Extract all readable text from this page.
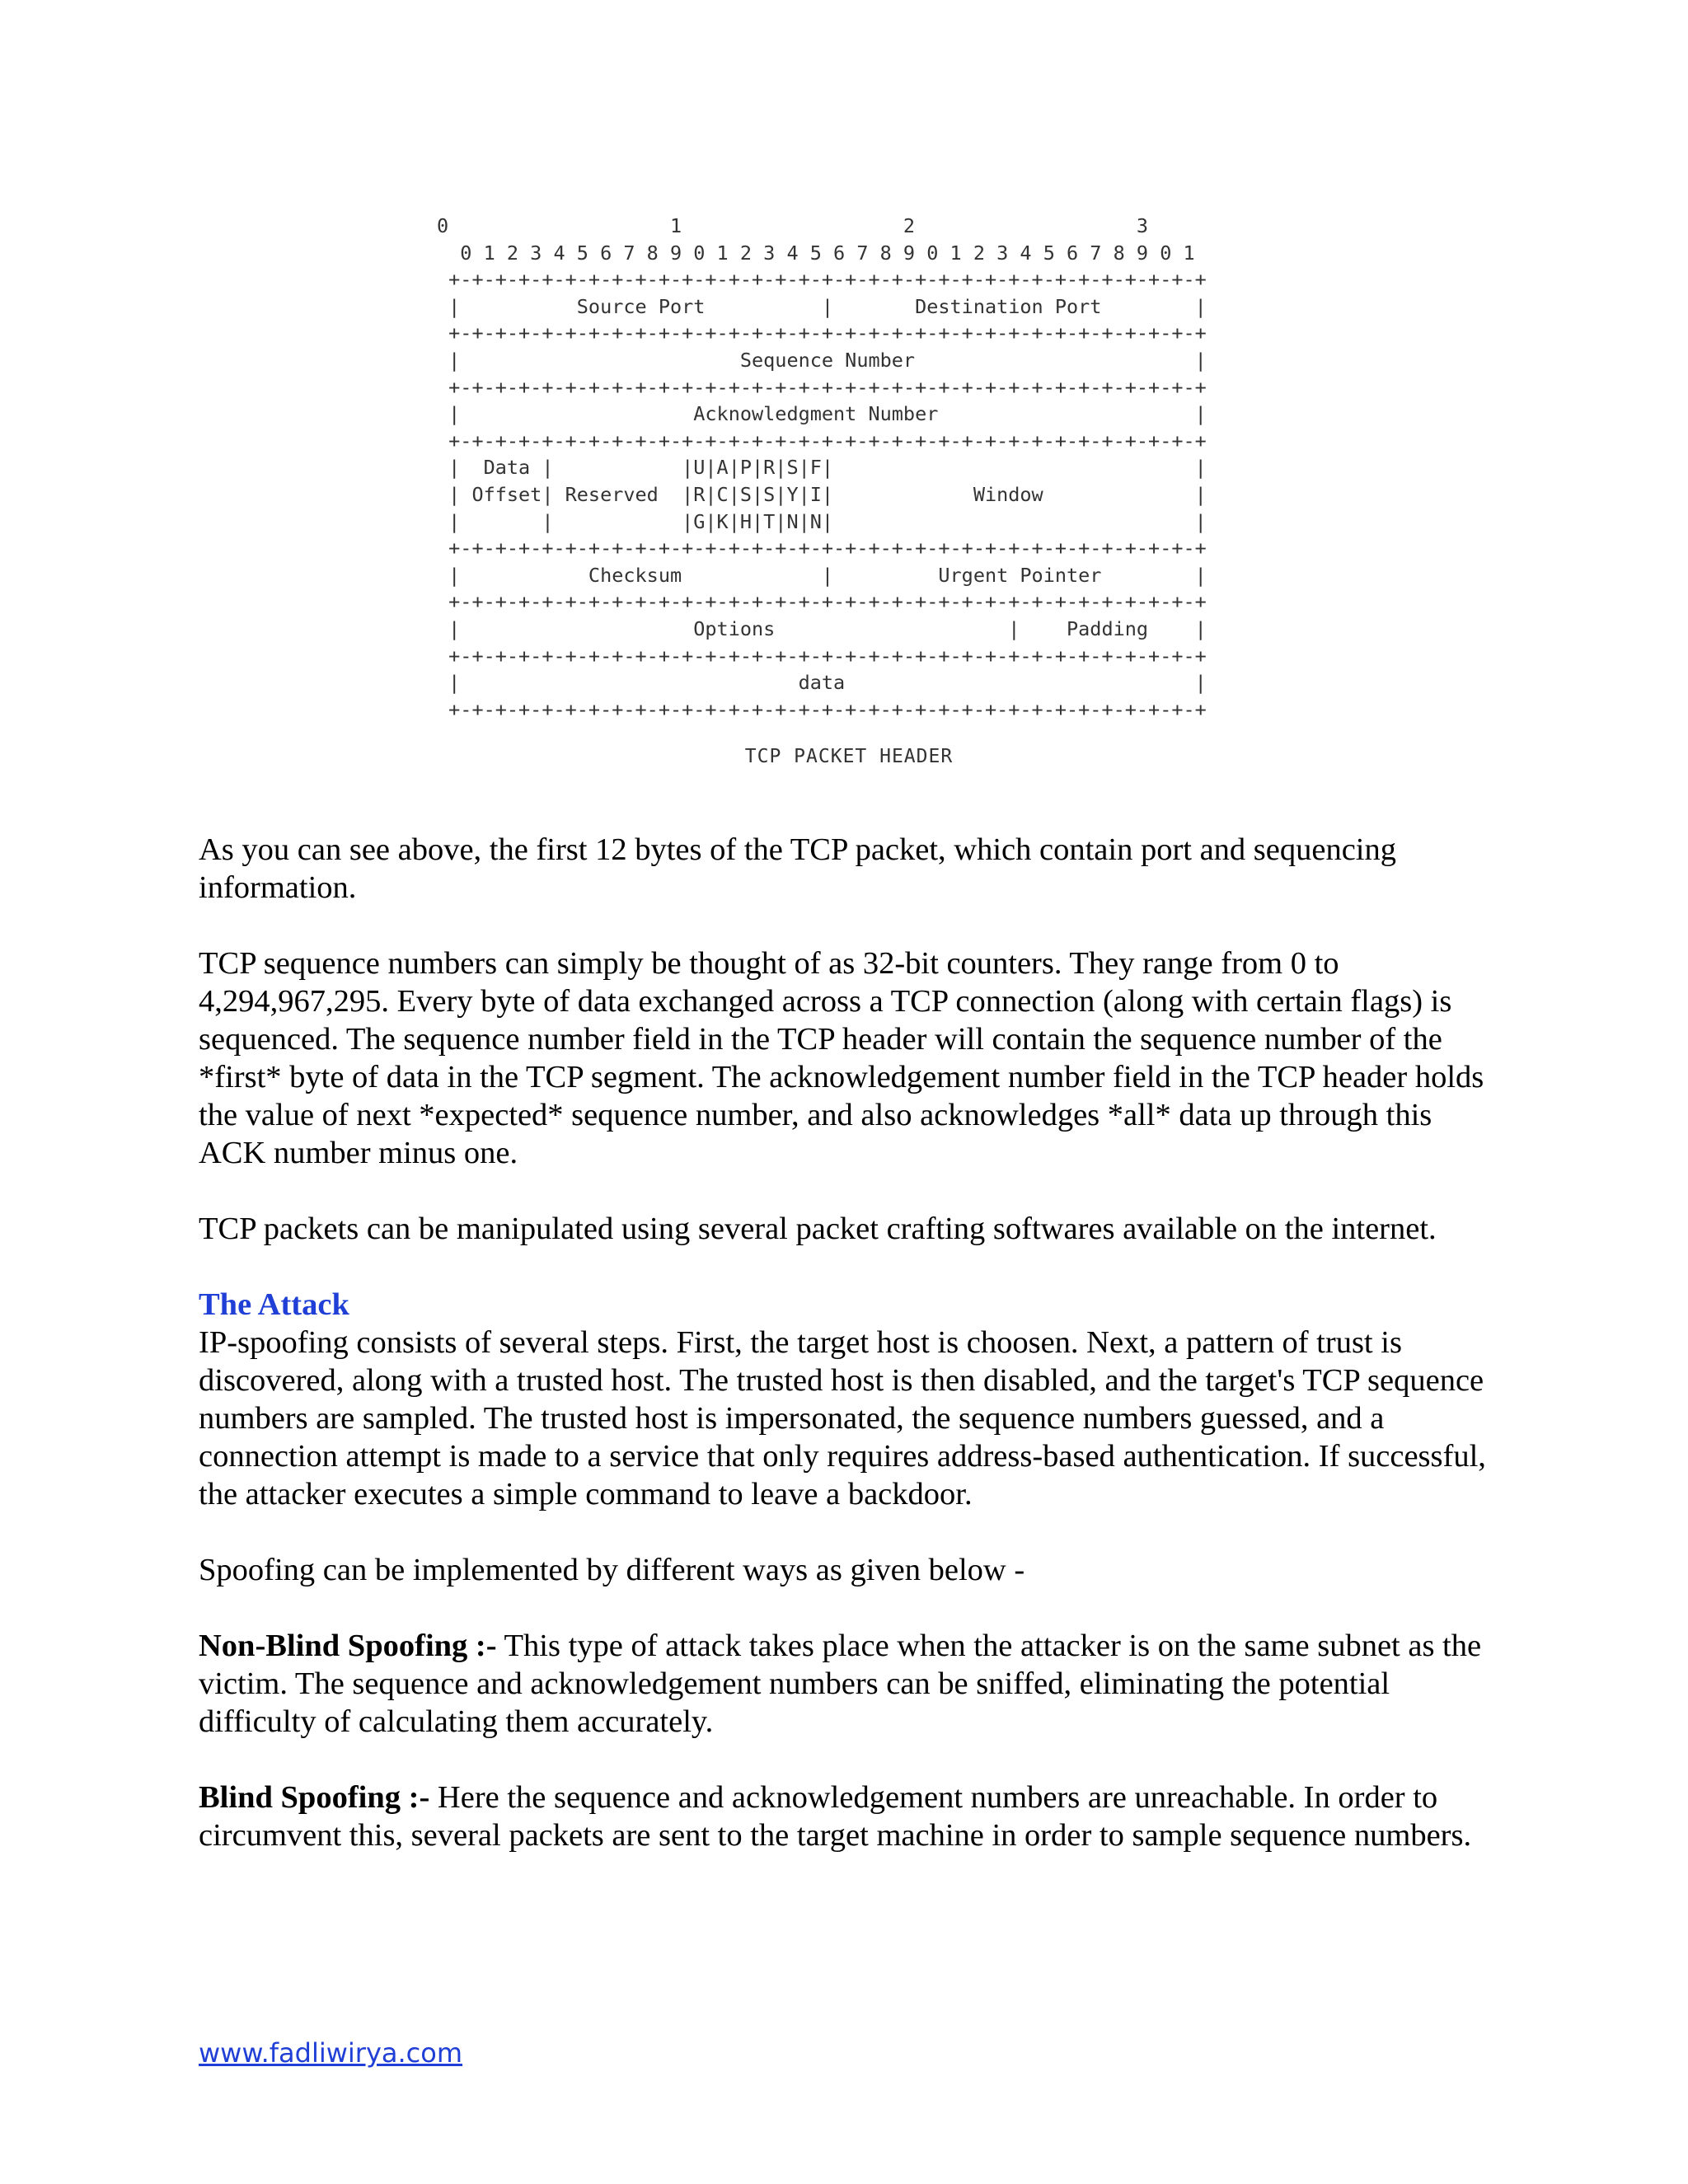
0                   1                   2                   3
0 1 2 3 4 5 6 7 8 9 0 1 2 3 4 5 6 7 8 9 0 1 2 3 4 5 6 7 8 9 0 1
+-+-+-+-+-+-+-+-+-+-+-+-+-+-+-+-+-+-+-+-+-+-+-+-+-+-+-+-+-+-+-+-+
|          Source Port          |       Destination Port        |
+-+-+-+-+-+-+-+-+-+-+-+-+-+-+-+-+-+-+-+-+-+-+-+-+-+-+-+-+-+-+-+-+
|                        Sequence Number                        |
+-+-+-+-+-+-+-+-+-+-+-+-+-+-+-+-+-+-+-+-+-+-+-+-+-+-+-+-+-+-+-+-+
|                    Acknowledgment Number                      |
+-+-+-+-+-+-+-+-+-+-+-+-+-+-+-+-+-+-+-+-+-+-+-+-+-+-+-+-+-+-+-+-+
|  Data |           |U|A|P|R|S|F|                               |
| Offset| Reserved  |R|C|S|S|Y|I|            Window             |
|       |           |G|K|H|T|N|N|                               |
+-+-+-+-+-+-+-+-+-+-+-+-+-+-+-+-+-+-+-+-+-+-+-+-+-+-+-+-+-+-+-+-+
|           Checksum            |         Urgent Pointer        |
+-+-+-+-+-+-+-+-+-+-+-+-+-+-+-+-+-+-+-+-+-+-+-+-+-+-+-+-+-+-+-+-+
|                    Options                    |    Padding    |
+-+-+-+-+-+-+-+-+-+-+-+-+-+-+-+-+-+-+-+-+-+-+-+-+-+-+-+-+-+-+-+-+
|                             data                              |
+-+-+-+-+-+-+-+-+-+-+-+-+-+-+-+-+-+-+-+-+-+-+-+-+-+-+-+-+-+-+-+-+
TCP PACKET HEADER

As you can see above, the first 12 bytes of the TCP packet, which contain port and sequencing information.

TCP sequence numbers can simply be thought of as 32-bit counters. They range from 0 to 4,294,967,295. Every byte of data exchanged across a TCP connection (along with certain flags) is sequenced. The sequence number field in the TCP header will contain the sequence number of the *first* byte of data in the TCP segment. The acknowledgement number field in the TCP header holds the value of next *expected* sequence number, and also acknowledges *all* data up through this ACK number minus one.

TCP packets can be manipulated using several packet crafting softwares available on the internet.

The Attack

IP-spoofing consists of several steps. First, the target host is choosen. Next, a pattern of trust is discovered, along with a trusted host. The trusted host is then disabled, and the target's TCP sequence numbers are sampled. The trusted host is impersonated, the sequence numbers guessed, and a connection attempt is made to a service that only requires address-based authentication. If successful, the attacker executes a simple command to leave a backdoor.

Spoofing can be implemented by different ways as given below -

Non-Blind Spoofing :- This type of attack takes place when the attacker is on the same subnet as the victim. The sequence and acknowledgement numbers can be sniffed, eliminating the potential difficulty of calculating them accurately.

Blind Spoofing :- Here the sequence and acknowledgement numbers are unreachable. In order to circumvent this, several packets are sent to the target machine in order to sample sequence numbers.

www.fadliwirya.com
